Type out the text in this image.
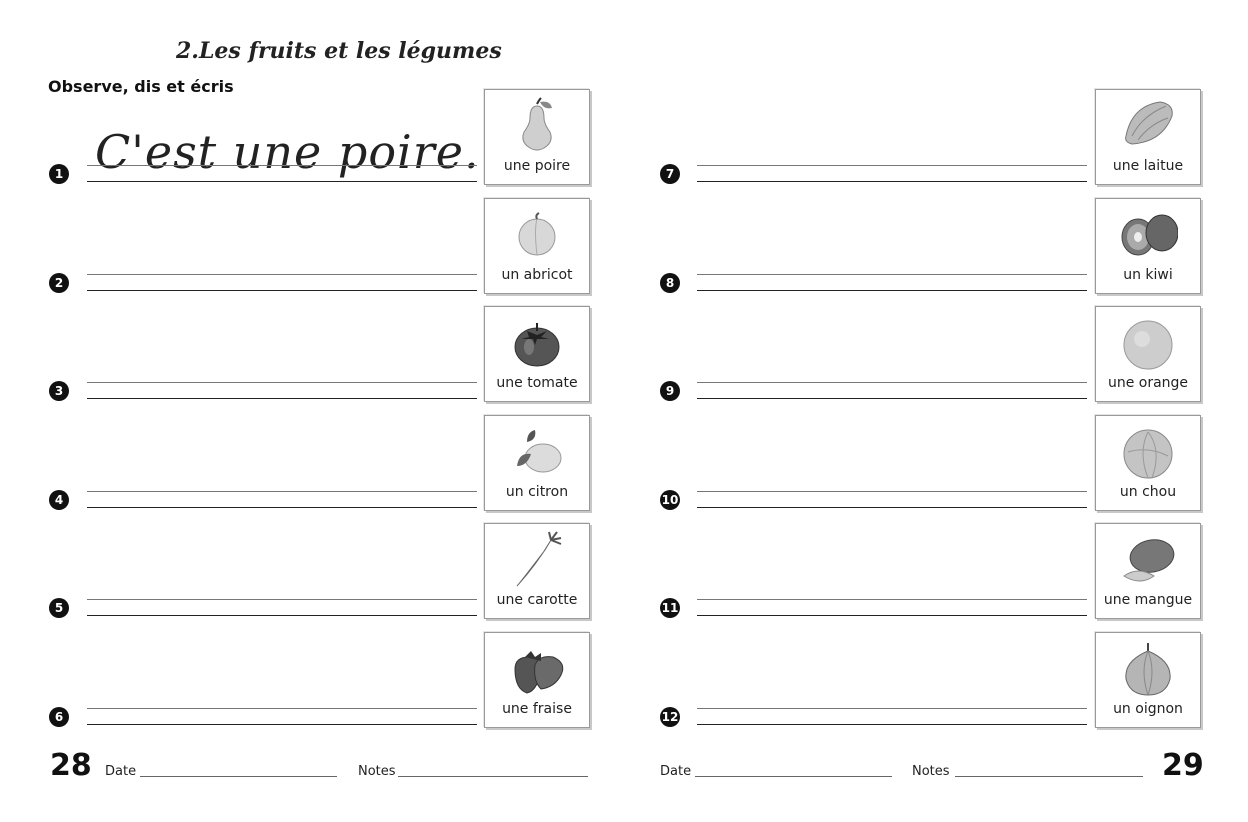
2.Les fruits et les légumes
Observe, dis et écris
C'est une poire.
1	une poire
2	un abricot
3	une tomate
4	un citron
5	une carotte
6	une fraise
7	une laitue
8	un kiwi
9	une orange
10	un chou
11	une mangue
12	un oignon
28 Date	Notes	Date	Notes	29
